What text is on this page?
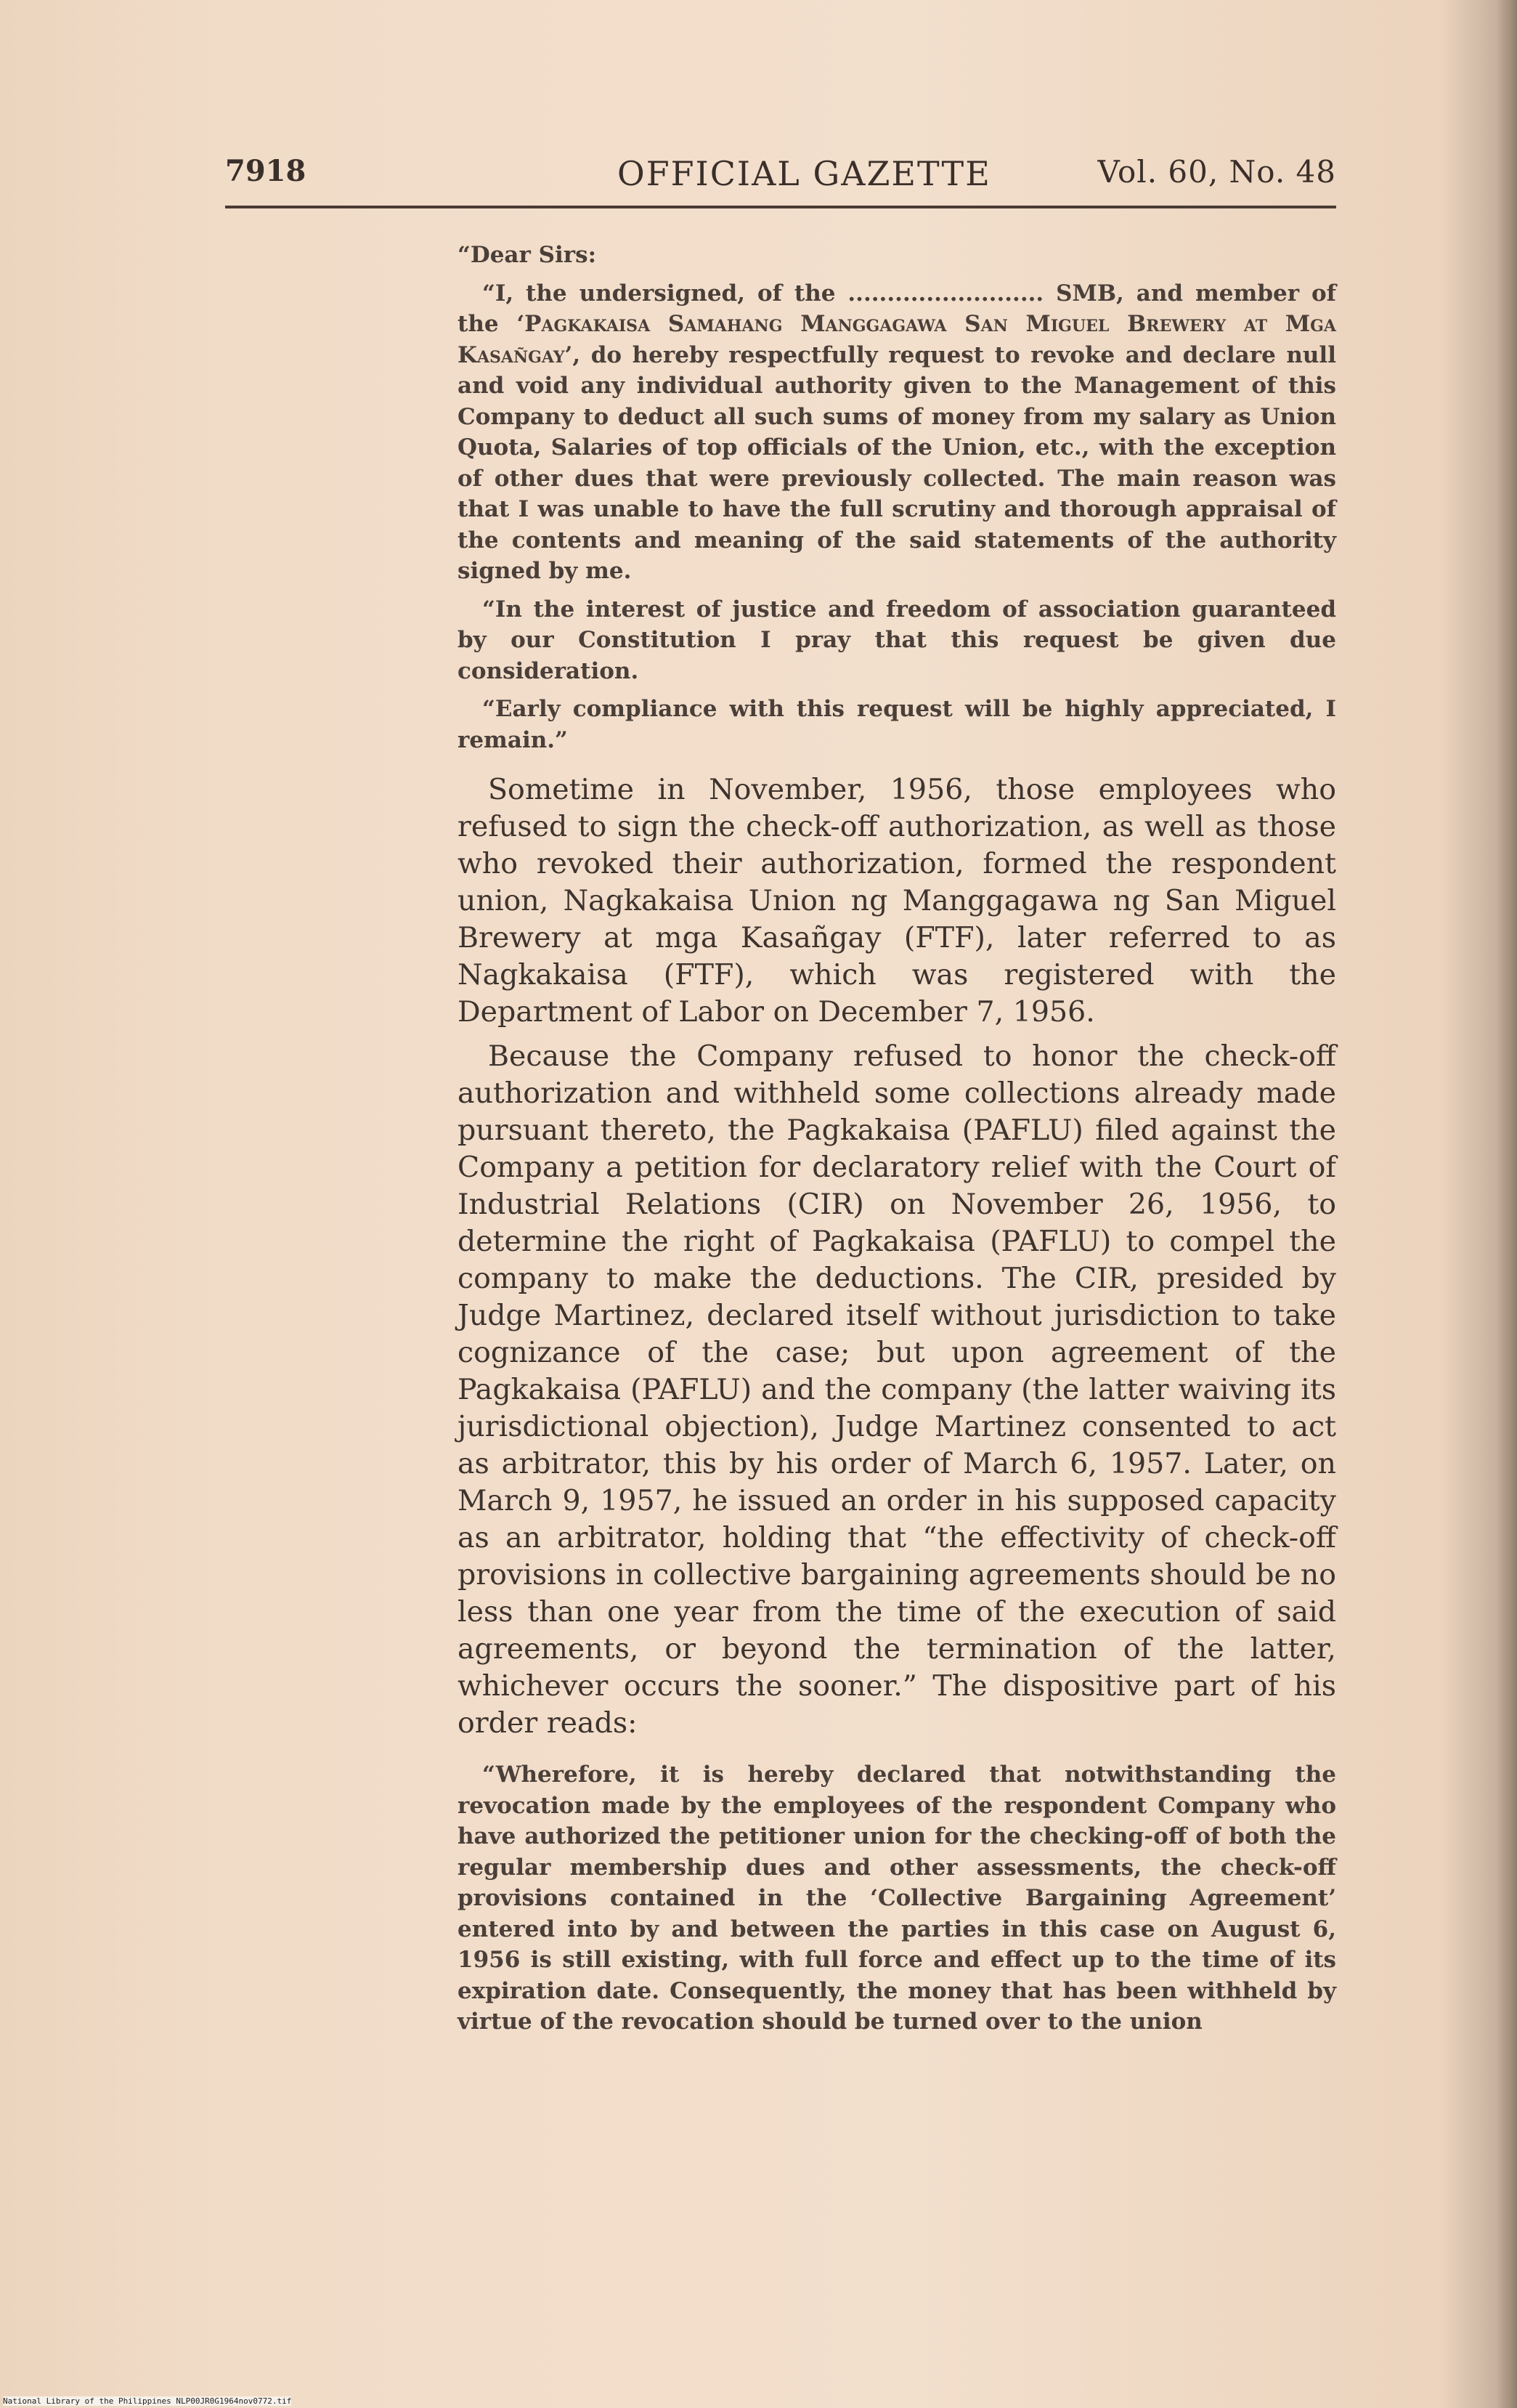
7918	OFFICIAL GAZETTE	Vol. 60, No. 48

“Dear Sirs:

“I, the undersigned, of the ......................... SMB, and member of the ‘Pagkakaisa Samahang Manggagawa San Miguel Brewery at Mga Kasañgay’, do hereby respectfully request to revoke and declare null and void any individual authority given to the Management of this Company to deduct all such sums of money from my salary as Union Quota, Salaries of top officials of the Union, etc., with the exception of other dues that were previously collected. The main reason was that I was unable to have the full scrutiny and thorough appraisal of the contents and meaning of the said statements of the authority signed by me.

“In the interest of justice and freedom of association guaranteed by our Constitution I pray that this request be given due consideration.

“Early compliance with this request will be highly appreciated, I remain.”

Sometime in November, 1956, those employees who refused to sign the check-off authorization, as well as those who revoked their authorization, formed the respondent union, Nagkakaisa Union ng Manggagawa ng San Miguel Brewery at mga Kasañgay (FTF), later referred to as Nagkakaisa (FTF), which was registered with the Department of Labor on December 7, 1956.

Because the Company refused to honor the check-off authorization and withheld some collections already made pursuant thereto, the Pagkakaisa (PAFLU) filed against the Company a petition for declaratory relief with the Court of Industrial Relations (CIR) on November 26, 1956, to determine the right of Pagkakaisa (PAFLU) to compel the company to make the deductions. The CIR, presided by Judge Martinez, declared itself without jurisdiction to take cognizance of the case; but upon agreement of the Pagkakaisa (PAFLU) and the company (the latter waiving its jurisdictional objection), Judge Martinez consented to act as arbitrator, this by his order of March 6, 1957. Later, on March 9, 1957, he issued an order in his supposed capacity as an arbitrator, holding that “the effectivity of check-off provisions in collective bargaining agreements should be no less than one year from the time of the execution of said agreements, or beyond the termination of the latter, whichever occurs the sooner.” The dispositive part of his order reads:

“Wherefore, it is hereby declared that notwithstanding the revocation made by the employees of the respondent Company who have authorized the petitioner union for the checking-off of both the regular membership dues and other assessments, the check-off provisions contained in the ‘Collective Bargaining Agreement’ entered into by and between the parties in this case on August 6, 1956 is still existing, with full force and effect up to the time of its expiration date. Consequently, the money that has been withheld by virtue of the revocation should be turned over to the union

National Library of the Philippines NLP00JR0G1964nov0772.tif
